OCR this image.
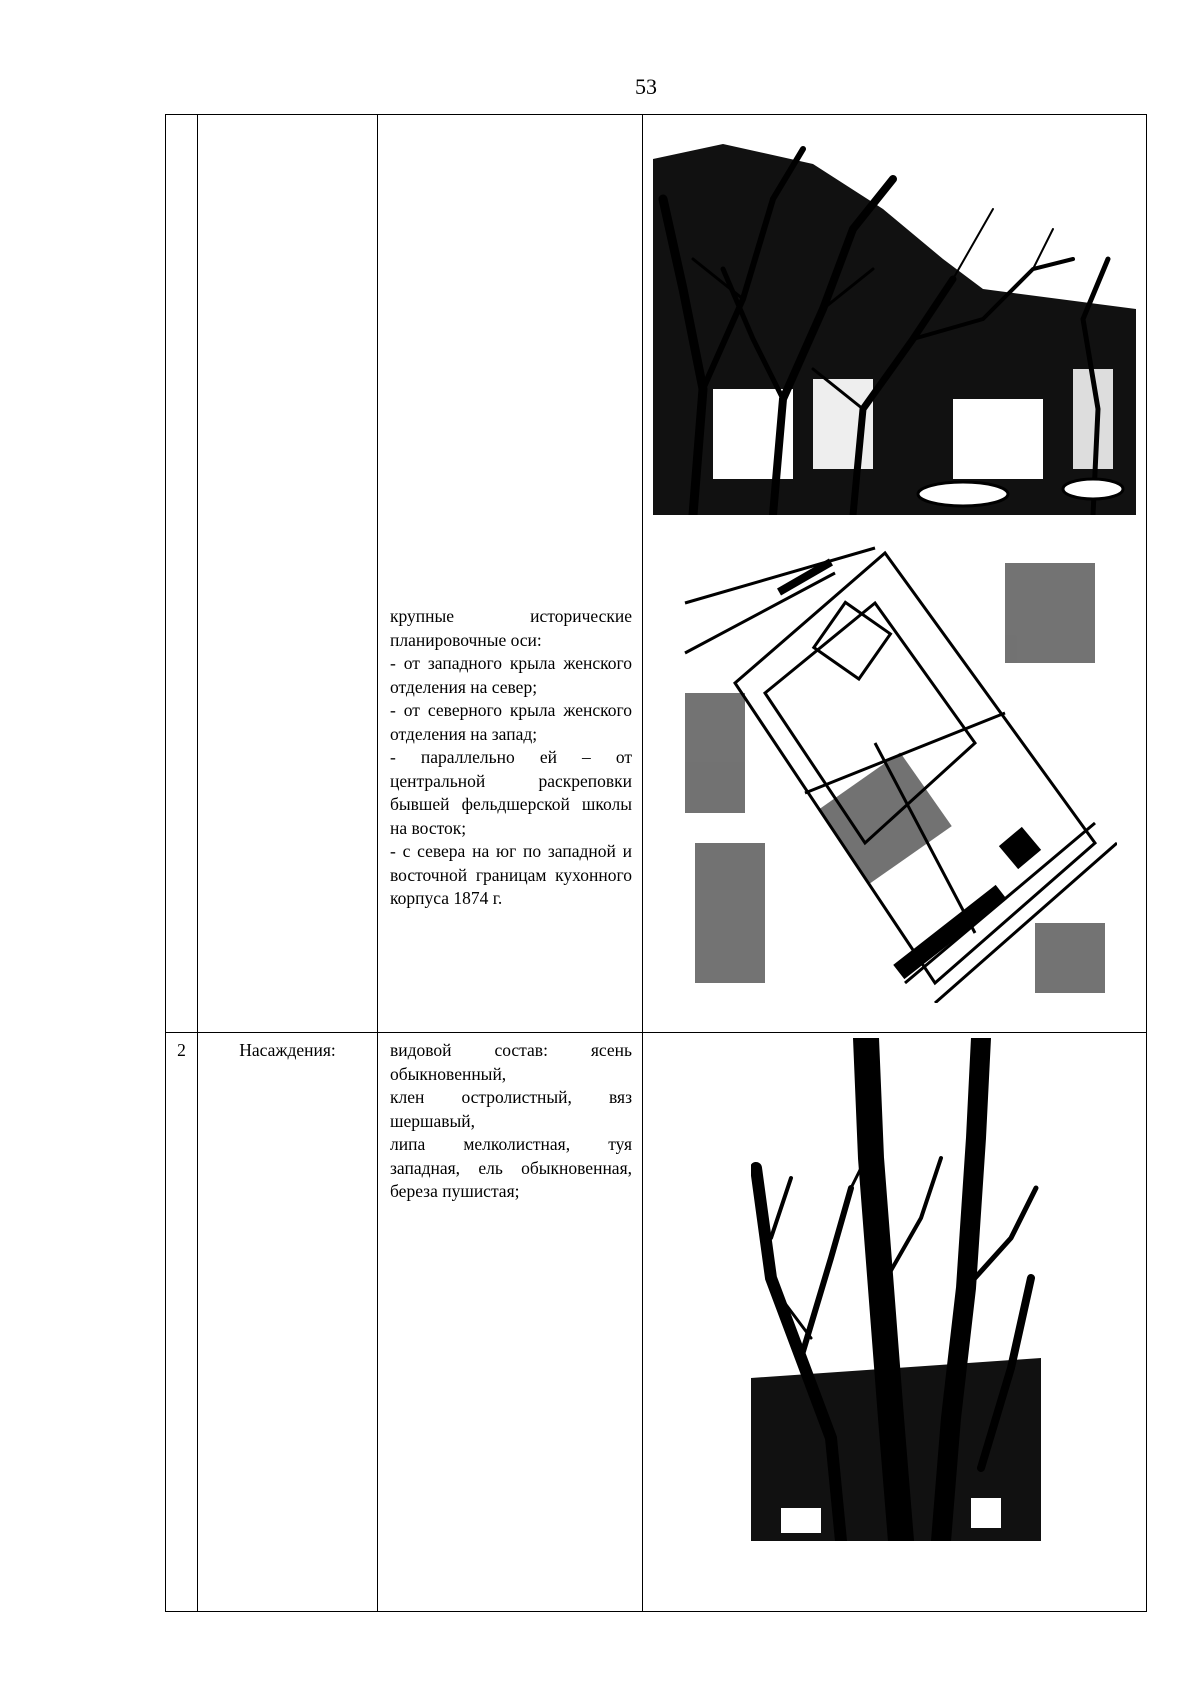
53

		крупные исторические планировочные оси:

- от западного крыла женского отделения на север;

- от северного крыла женского отделения на запад;

- параллельно ей – от центральной раскреповки бывшей фельдшерской школы на восток;

- с севера на юг по западной и восточной границам кухонного корпуса 1874 г.

2	Насаждения:	видовой состав: ясень обыкновенный,

клен остролистный, вяз шершавый,

липа мелколистная, туя западная, ель обыкновенная, береза пушистая;
